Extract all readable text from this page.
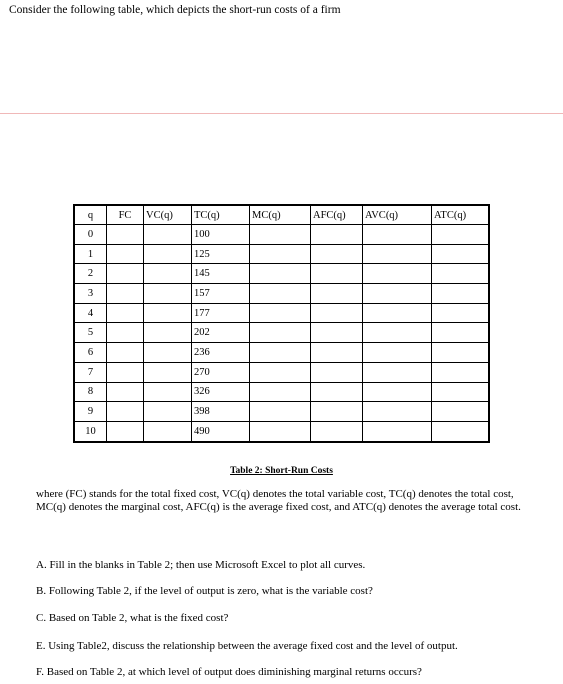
Consider the following table, which depicts the short-run costs of a firm
q	FC	VC(q)	TC(q)	MC(q)	AFC(q)	AVC(q)	ATC(q)
0			100				
1			125				
2			145				
3			157				
4			177				
5			202				
6			236				
7			270				
8			326				
9			398				
10			490				
Table 2: Short-Run Costs
where (FC) stands for the total fixed cost, VC(q) denotes the total variable cost, TC(q) denotes the total cost, MC(q) denotes the marginal cost, AFC(q) is the average fixed cost, and ATC(q) denotes the average total cost.
A. Fill in the blanks in Table 2; then use Microsoft Excel to plot all curves.
B. Following Table 2, if the level of output is zero, what is the variable cost?
C. Based on Table 2, what is the fixed cost?
E. Using Table2, discuss the relationship between the average fixed cost and the level of output.
F. Based on Table 2, at which level of output does diminishing marginal returns occurs?
